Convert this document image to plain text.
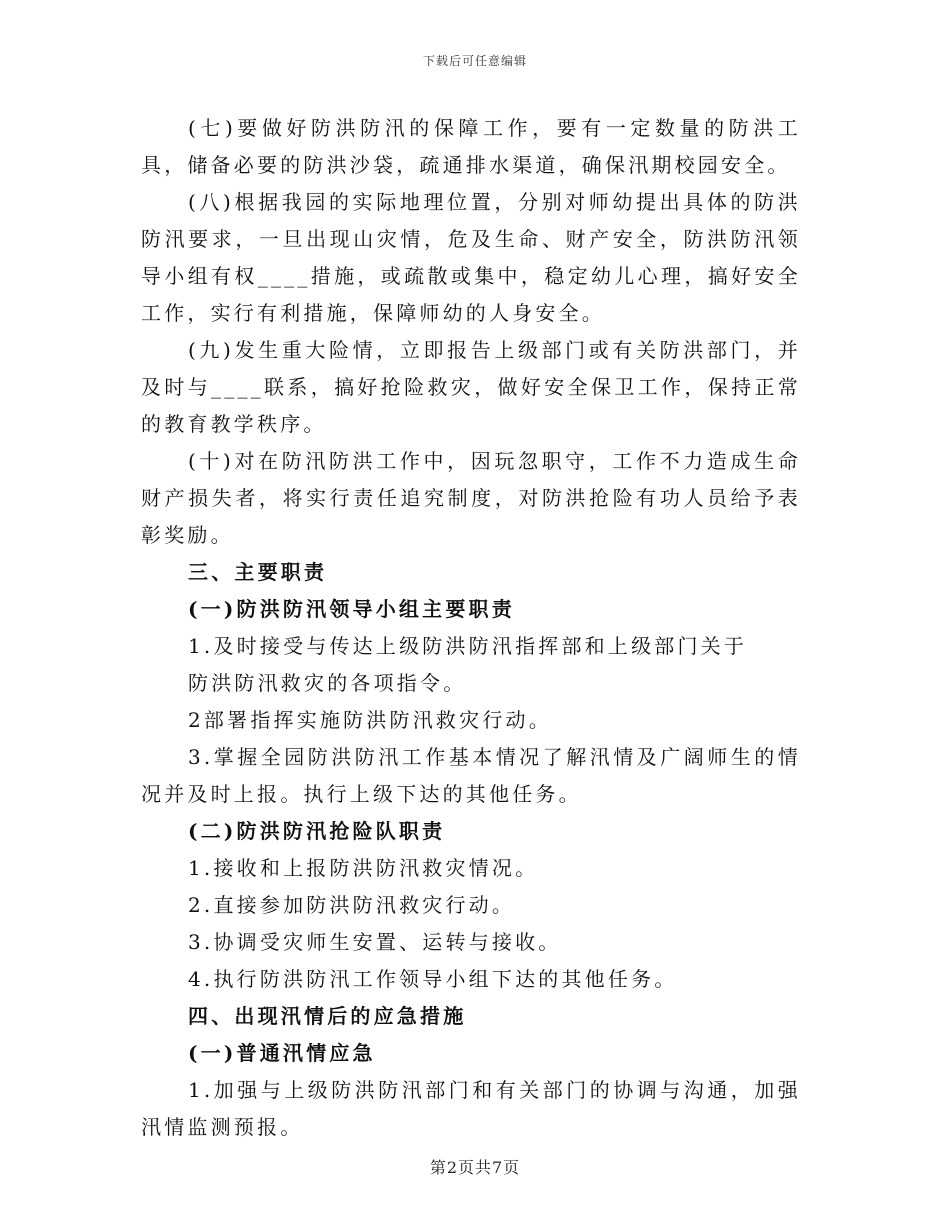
下载后可任意编辑

(七)要做好防洪防汛的保障工作，要有一定数量的防洪工具，储备必要的防洪沙袋，疏通排水渠道，确保汛期校园安全。

(八)根据我园的实际地理位置，分别对师幼提出具体的防洪防汛要求，一旦出现山灾情，危及生命、财产安全，防洪防汛领导小组有权____措施，或疏散或集中，稳定幼儿心理，搞好安全工作，实行有利措施，保障师幼的人身安全。

(九)发生重大险情，立即报告上级部门或有关防洪部门，并及时与____联系，搞好抢险救灾，做好安全保卫工作，保持正常的教育教学秩序。

(十)对在防汛防洪工作中，因玩忽职守，工作不力造成生命财产损失者，将实行责任追究制度，对防洪抢险有功人员给予表彰奖励。

三、主要职责

(一)防洪防汛领导小组主要职责

1.及时接受与传达上级防洪防汛指挥部和上级部门关于

防洪防汛救灾的各项指令。

2部署指挥实施防洪防汛救灾行动。

3.掌握全园防洪防汛工作基本情况了解汛情及广阔师生的情况并及时上报。执行上级下达的其他任务。

(二)防洪防汛抢险队职责

1.接收和上报防洪防汛救灾情况。

2.直接参加防洪防汛救灾行动。

3.协调受灾师生安置、运转与接收。

4.执行防洪防汛工作领导小组下达的其他任务。

四、出现汛情后的应急措施

(一)普通汛情应急

1.加强与上级防洪防汛部门和有关部门的协调与沟通，加强汛情监测预报。

第2页共7页
